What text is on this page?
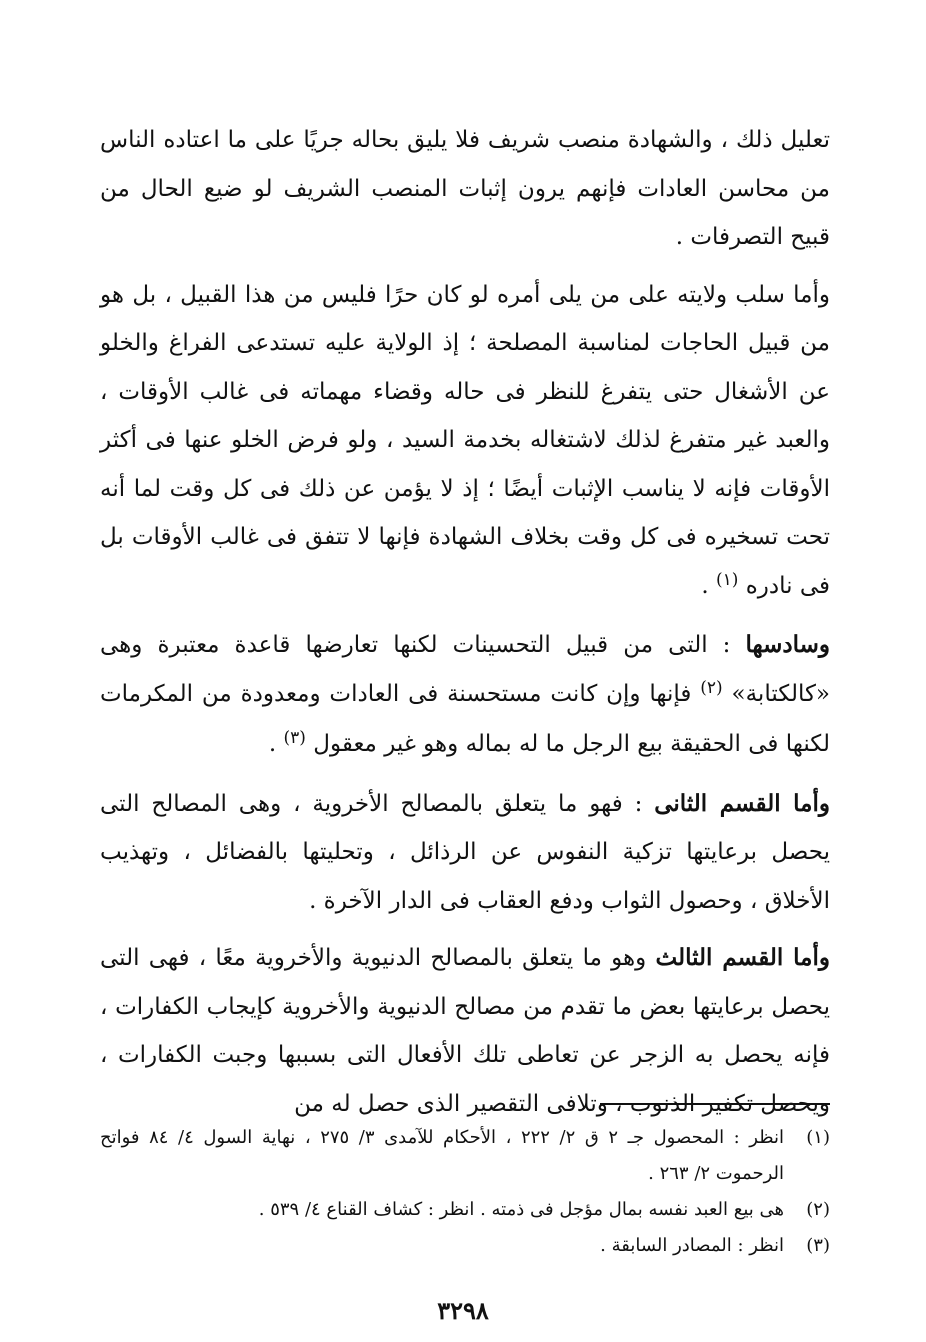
تعليل ذلك ، والشهادة منصب شريف فلا يليق بحاله جريًا على ما اعتاده الناس من محاسن العادات فإنهم يرون إثبات المنصب الشريف لو ضيع الحال من قبيح التصرفات .

وأما سلب ولايته على من يلى أمره لو كان حرًا فليس من هذا القبيل ، بل هو من قبيل الحاجات لمناسبة المصلحة ؛ إذ الولاية عليه تستدعى الفراغ والخلو عن الأشغال حتى يتفرغ للنظر فى حاله وقضاء مهماته فى غالب الأوقات ، والعبد غير متفرغ لذلك لاشتغاله بخدمة السيد ، ولو فرض الخلو عنها فى أكثر الأوقات فإنه لا يناسب الإثبات أيضًا ؛ إذ لا يؤمن عن ذلك فى كل وقت لما أنه تحت تسخيره فى كل وقت بخلاف الشهادة فإنها لا تتفق فى غالب الأوقات بل فى نادره $^{(١)}$ .

وسادسها : التى من قبيل التحسينات لكنها تعارضها قاعدة معتبرة وهى «كالكتابة» $^{(٢)}$ فإنها وإن كانت مستحسنة فى العادات ومعدودة من المكرمات لكنها فى الحقيقة بيع الرجل ما له بماله وهو غير معقول $^{(٣)}$ .

وأما القسم الثانى : فهو ما يتعلق بالمصالح الأخروية ، وهى المصالح التى يحصل برعايتها تزكية النفوس عن الرذائل ، وتحليتها بالفضائل ، وتهذيب الأخلاق ، وحصول الثواب ودفع العقاب فى الدار الآخرة .

وأما القسم الثالث وهو ما يتعلق بالمصالح الدنيوية والأخروية معًا ، فهى التى يحصل برعايتها بعض ما تقدم من مصالح الدنيوية والأخروية كإيجاب الكفارات ، فإنه يحصل به الزجر عن تعاطى تلك الأفعال التى بسببها وجبت الكفارات ، ويحصل تكفير الذنوب ، وتلافى التقصير الذى حصل له من

(١)انظر : المحصول جـ ٢ ق ٢/ ٢٢٢ ، الأحكام للآمدى ٣/ ٢٧٥ ، نهاية السول ٤/ ٨٤ فواتح الرحموت ٢/ ٢٦٣ .

(٢)هى بيع العبد نفسه بمال مؤجل فى ذمته . انظر : كشاف القناع ٤/ ٥٣٩ .

(٣)انظر : المصادر السابقة .

٣٢٩٨
